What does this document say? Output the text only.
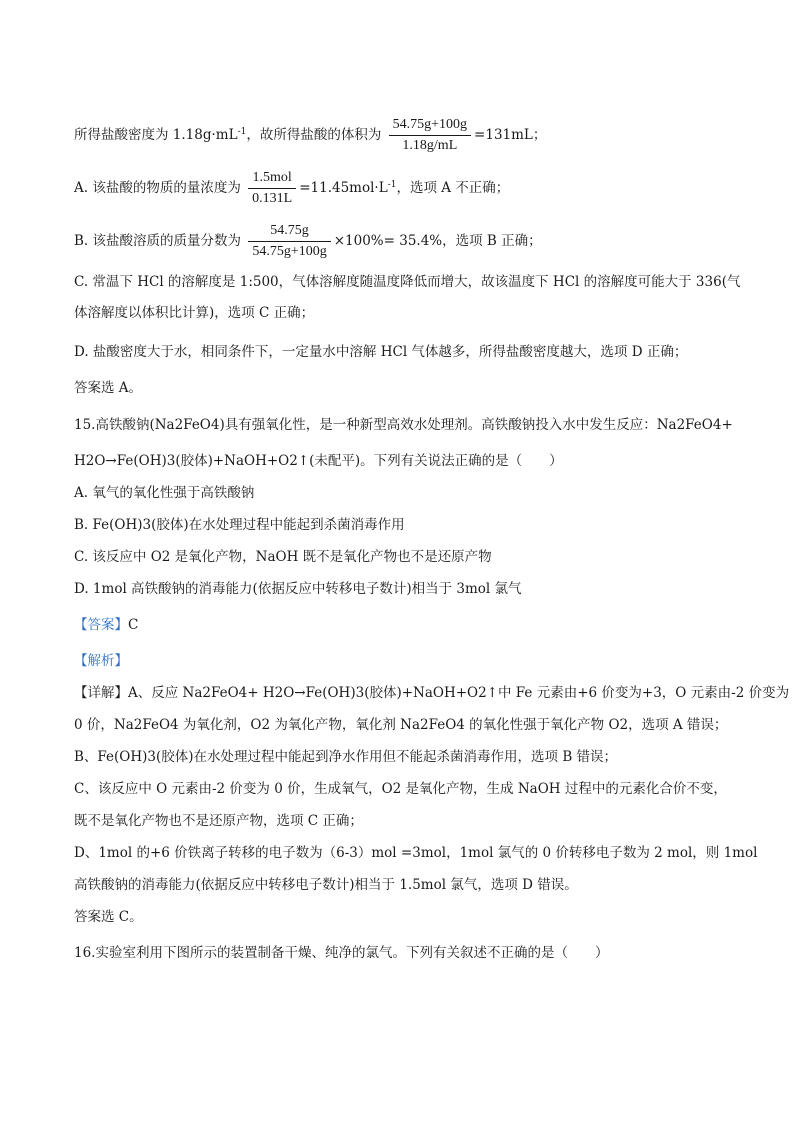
所得盐酸密度为 $1.18g\cdot mL^{-1}$，故所得盐酸的体积为 $\frac{54.75g+100g}{1.18g/mL} =131mL$；
A. 该盐酸的物质的量浓度为 $\frac{\text{1.5mol}}{0.131L} =11.45mol\cdot L^{-1}$，选项 A 不正确；
B. 该盐酸溶质的质量分数为 $\frac{54.75g}{54.75g+100g} \times 100\%= 35.4\%$，选项 B 正确；
C. 常温下 HCl 的溶解度是 1:500，气体溶解度随温度降低而增大，故该温度下 HCl 的溶解度可能大于 336(气
体溶解度以体积比计算)，选项 C 正确；
D. 盐酸密度大于水，相同条件下，一定量水中溶解 HCl 气体越多，所得盐酸密度越大，选项 D 正确；
答案选 A。
15.高铁酸钠(Na2FeO4)具有强氧化性，是一种新型高效水处理剂。高铁酸钠投入水中发生反应：Na2FeO4+
H2O→Fe(OH)3(胶体)+NaOH+O2↑(未配平)。下列有关说法正确的是（　　）
A. 氧气的氧化性强于高铁酸钠
B. Fe(OH)3(胶体)在水处理过程中能起到杀菌消毒作用
C. 该反应中 O2 是氧化产物，NaOH 既不是氧化产物也不是还原产物
D. 1mol 高铁酸钠的消毒能力(依据反应中转移电子数计)相当于 3mol 氯气
【答案】C
【解析】
【详解】A、反应 Na2FeO4+ H2O→Fe(OH)3(胶体)+NaOH+O2↑中 Fe 元素由+6 价变为+3，O 元素由-2 价变为
0 价，Na2FeO4 为氧化剂，O2 为氧化产物，氧化剂 Na2FeO4 的氧化性强于氧化产物 O2，选项 A 错误；
B、Fe(OH)3(胶体)在水处理过程中能起到净水作用但不能起杀菌消毒作用，选项 B 错误；
C、该反应中 O 元素由-2 价变为 0 价，生成氧气，O2 是氧化产物，生成 NaOH 过程中的元素化合价不变，
既不是氧化产物也不是还原产物，选项 C 正确；
D、1mol 的+6 价铁离子转移的电子数为（6-3）mol =3mol，1mol 氯气的 0 价转移电子数为 2 mol，则 1mol
高铁酸钠的消毒能力(依据反应中转移电子数计)相当于 1.5mol 氯气，选项 D 错误。
答案选 C。
16.实验室利用下图所示的装置制备干燥、纯净的氯气。下列有关叙述不正确的是（　　）
